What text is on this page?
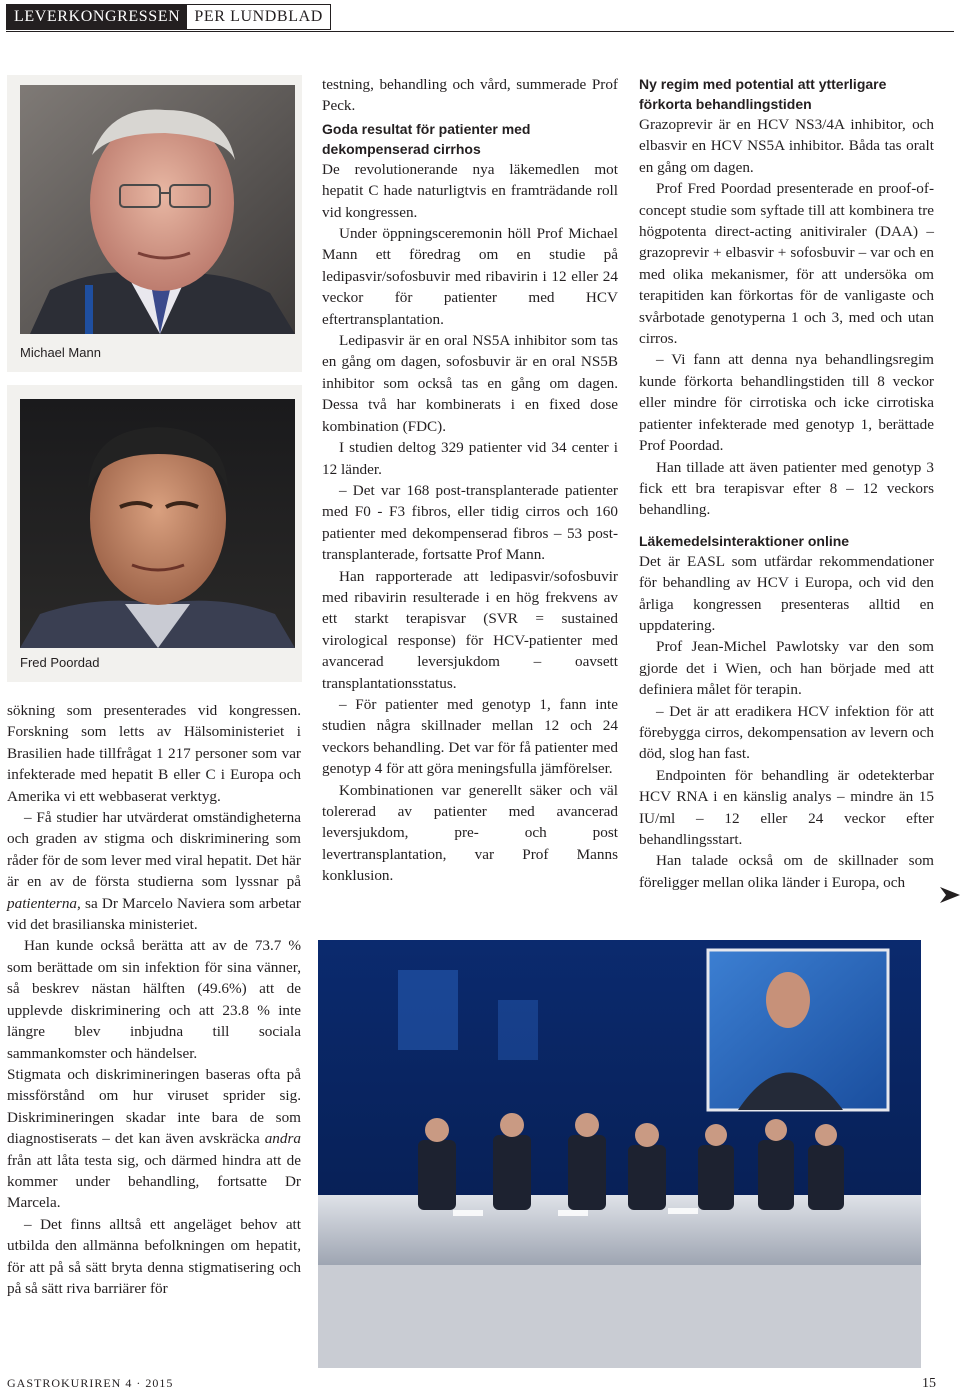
LEVERKONGRESSEN PER LUNDBLAD
Michael Mann
Fred Poordad

sökning som presenterades vid kongressen. Forskning som letts av Hälsoministeriet i Brasilien hade tillfrågat 1 217 personer som var infekterade med hepatit B eller C i Europa och Amerika vi ett webbaserat verktyg.

– Få studier har utvärderat omständigheterna och graden av stigma och diskriminering som råder för de som lever med viral hepatit. Det här är en av de första studierna som lyssnar på patienterna, sa Dr Marcelo Naviera som arbetar vid det brasilianska ministeriet.

Han kunde också berätta att av de 73.7 % som berättade om sin infektion för sina vänner, så beskrev nästan hälften (49.6%) att de upplevde diskriminering och att 23.8 % inte längre blev inbjudna till sociala sammankomster och händelser.

Stigmata och diskrimineringen baseras ofta på missförstånd om hur viruset sprider sig. Diskrimineringen skadar inte bara de som diagnostiserats – det kan även avskräcka andra från att låta testa sig, och därmed hindra att de kommer under behandling, fortsatte Dr Marcela.

– Det finns alltså ett angeläget behov att utbilda den allmänna befolkningen om hepatit, för att på så sätt bryta denna stigmatisering och på så sätt riva barriärer för

testning, behandling och vård, summerade Prof Peck.

Goda resultat för patienter med dekompenserad cirrhos

De revolutionerande nya läkemedlen mot hepatit C hade naturligtvis en framträdande roll vid kongressen.

Under öppningsceremonin höll Prof Michael Mann ett föredrag om en studie på ledipasvir/sofosbuvir med ribavirin i 12 eller 24 veckor för patienter med HCV eftertransplantation.

Ledipasvir är en oral NS5A inhibitor som tas en gång om dagen, sofosbuvir är en oral NS5B inhibitor som också tas en gång om dagen. Dessa två har kombinerats i en fixed dose kombination (FDC).

I studien deltog 329 patienter vid 34 center i 12 länder.

– Det var 168 post-transplanterade patienter med F0 - F3 fibros, eller tidig cirros och 160 patienter med dekompenserad fibros – 53 post-transplanterade, fortsatte Prof Mann.

Han rapporterade att ledipasvir/sofosbuvir med ribavirin resulterade i en hög frekvens av ett starkt terapisvar (SVR = sustained virological response) för HCV-patienter med avancerad leversjukdom – oavsett transplantationsstatus.

– För patienter med genotyp 1, fann inte studien några skillnader mellan 12 och 24 veckors behandling. Det var för få patienter med genotyp 4 för att göra meningsfulla jämförelser.

Kombinationen var generellt säker och väl tolererad av patienter med avancerad leversjukdom, pre- och post levertransplantation, var Prof Manns konklusion.

Ny regim med potential att ytterligare förkorta behandlingstiden

Grazoprevir är en HCV NS3/4A inhibitor, och elbasvir en HCV NS5A inhibitor. Båda tas oralt en gång om dagen.

Prof Fred Poordad presenterade en proof-of-concept studie som syftade till att kombinera tre högpotenta direct-acting anitiviraler (DAA) – grazoprevir + elbasvir + sofosbuvir – var och en med olika mekanismer, för att undersöka om terapitiden kan förkortas för de vanligaste och svårbotade genotyperna 1 och 3, med och utan cirros.

– Vi fann att denna nya behandlingsregim kunde förkorta behandlingstiden till 8 veckor eller mindre för cirrotiska och icke cirrotiska patienter infekterade med genotyp 1, berättade Prof Poordad.

Han tillade att även patienter med genotyp 3 fick ett bra terapisvar efter 8 – 12 veckors behandling.

Läkemedelsinteraktioner online

Det är EASL som utfärdar rekommendationer för behandling av HCV i Europa, och vid den årliga kongressen presenteras alltid en uppdatering.

Prof Jean-Michel Pawlotsky var den som gjorde det i Wien, och han började med att definiera målet för terapin.

– Det är att eradikera HCV infektion för att förebygga cirros, dekompensation av levern och död, slog han fast.

Endpointen för behandling är odetekterbar HCV RNA i en känslig analys – mindre än 15 IU/ml – 12 eller 24 veckor efter behandlingsstart.

Han talade också om de skillnader som föreligger mellan olika länder i Europa, och

GASTROKURIREN 4 · 2015	15
